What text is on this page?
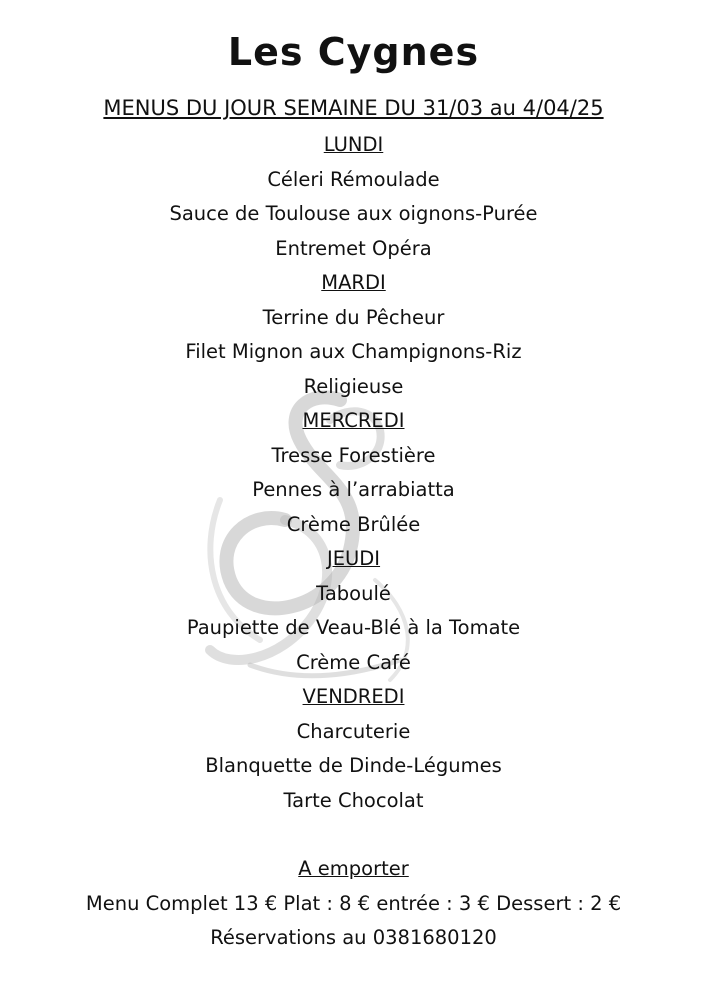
Les Cygnes
MENUS DU JOUR SEMAINE DU 31/03 au 4/04/25
LUNDI
Céleri Rémoulade
Sauce de Toulouse aux oignons-Purée
Entremet Opéra
MARDI
Terrine du Pêcheur
Filet Mignon aux Champignons-Riz
Religieuse
MERCREDI
Tresse Forestière
Pennes à l’arrabiatta
Crème Brûlée
JEUDI
Taboulé
Paupiette de Veau-Blé à la Tomate
Crème Café
VENDREDI
Charcuterie
Blanquette de Dinde-Légumes
Tarte Chocolat
A emporter
Menu Complet 13 € Plat : 8 € entrée : 3 € Dessert : 2 €
Réservations au 0381680120
